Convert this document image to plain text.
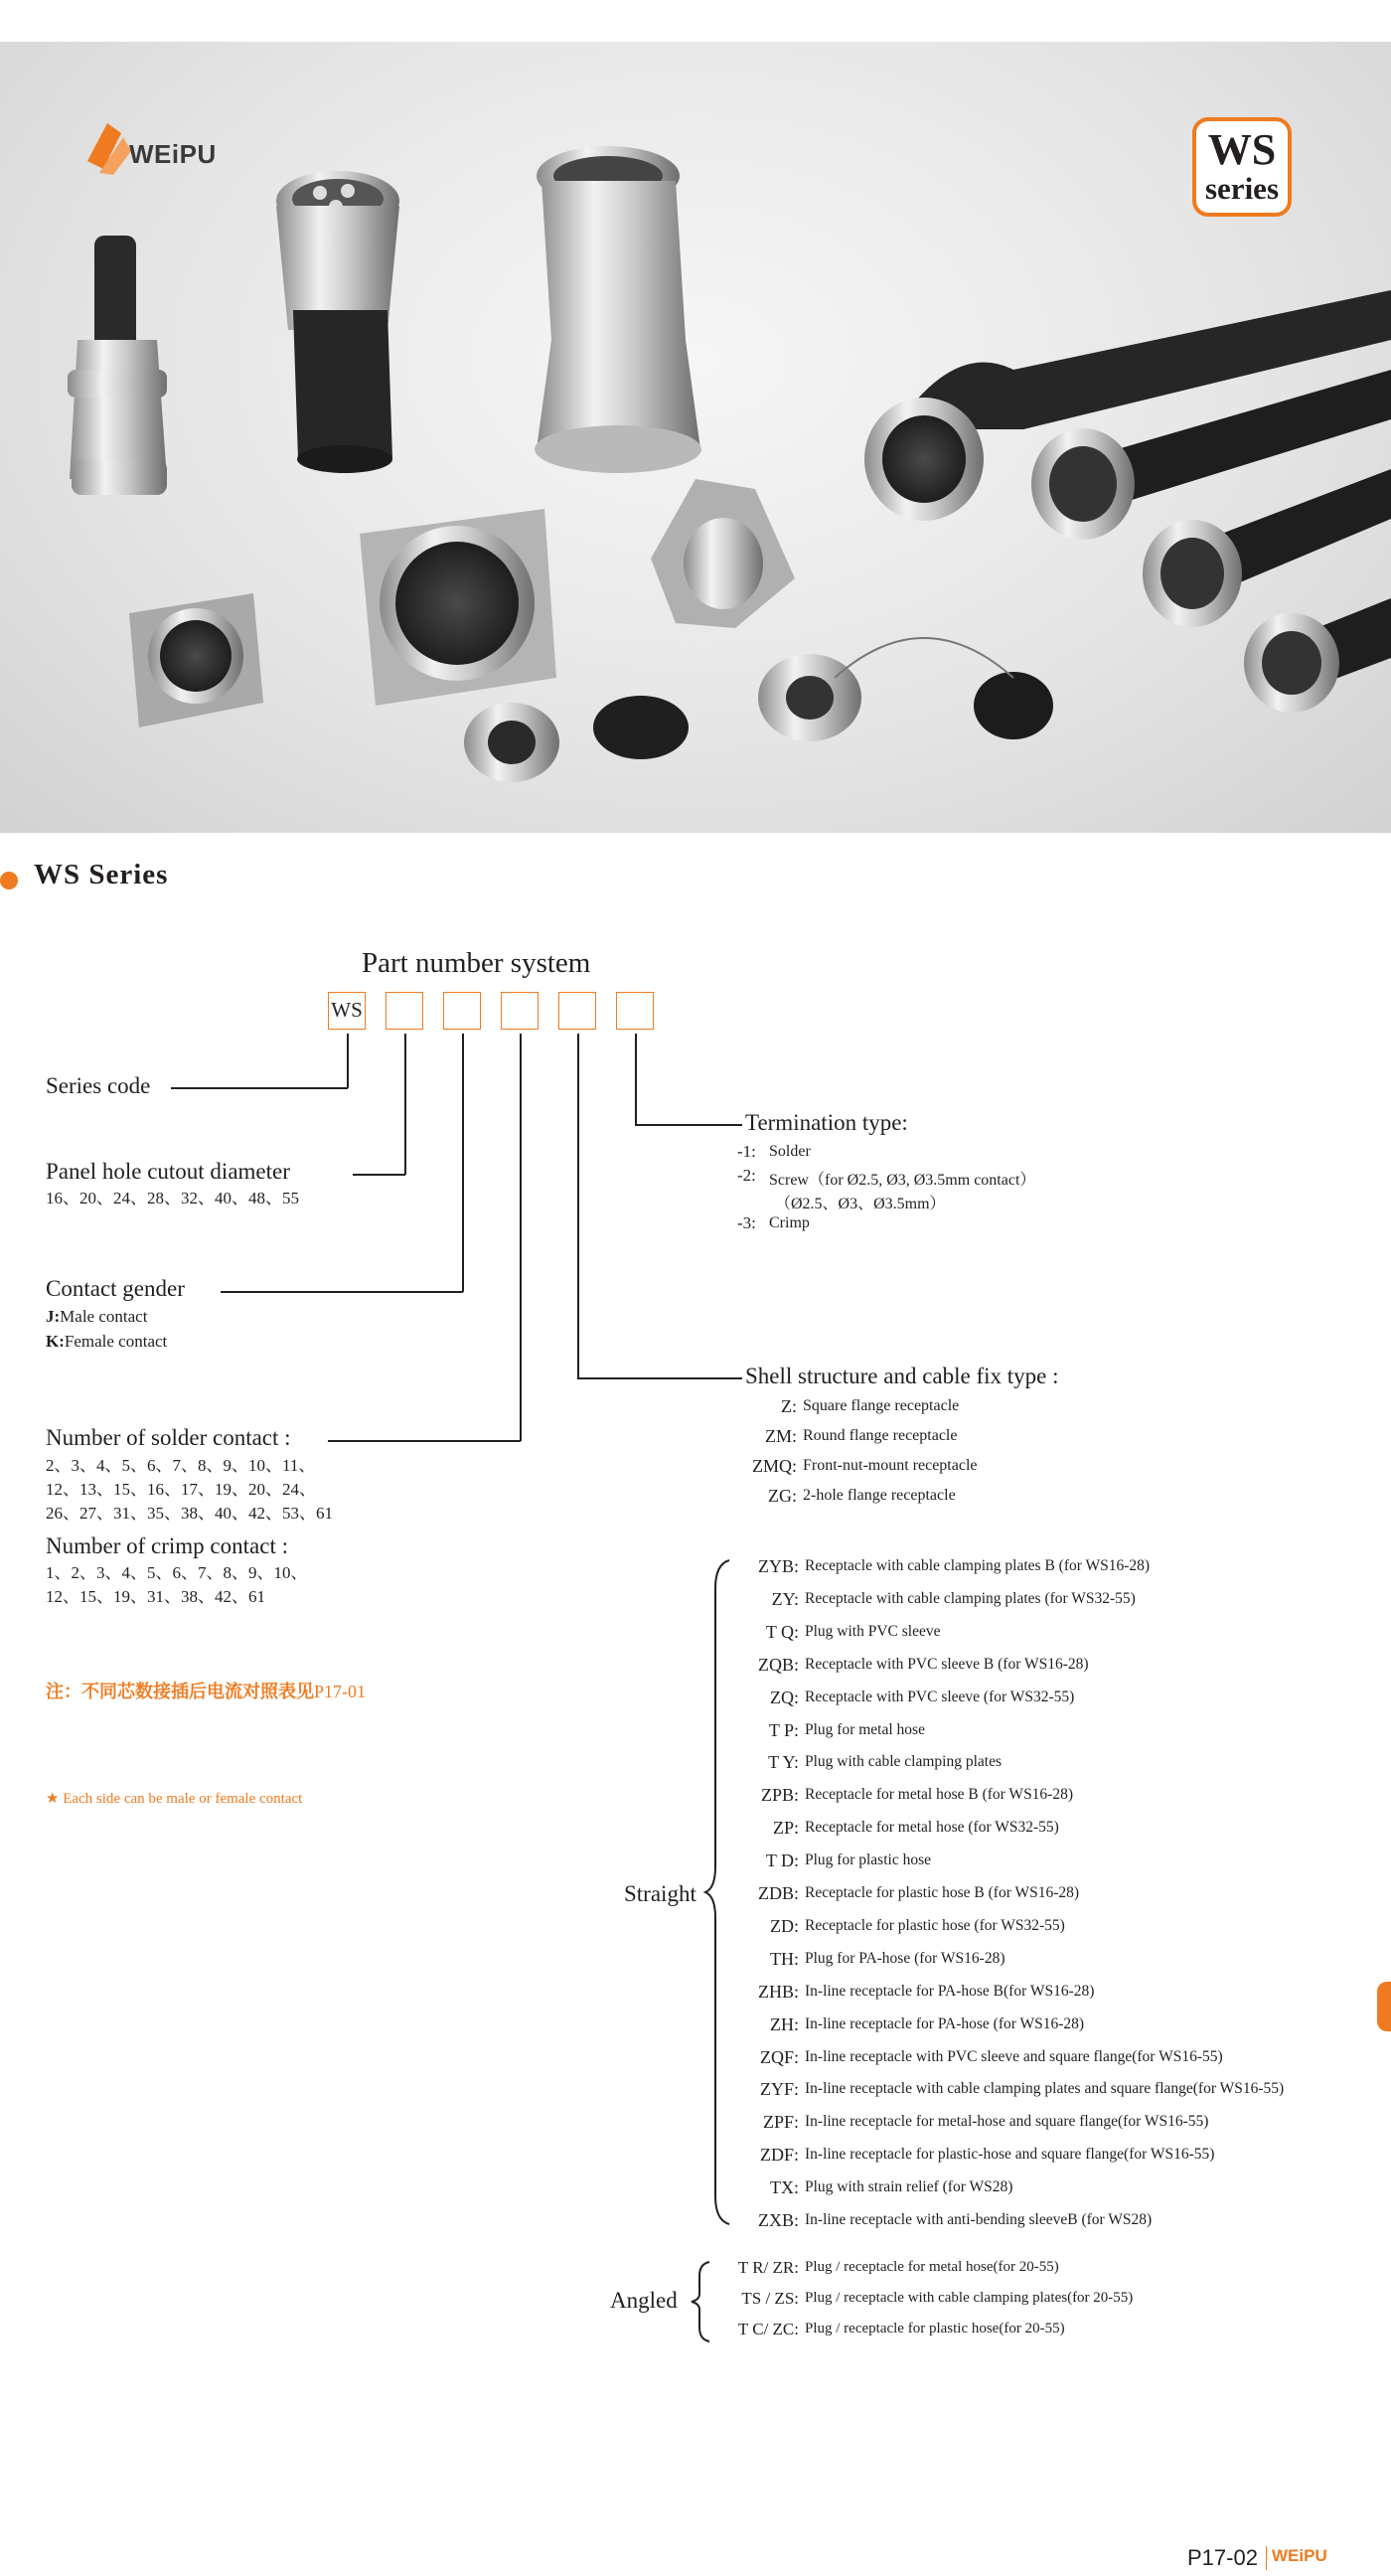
WEiPU	WS
series
WS Series
Part number system
WS
Series code
Panel hole cutout diameter
16、20、24、28、32、40、48、55
Contact gender
J:Male contact
K:Female contact
Number of solder contact :
2、3、4、5、6、7、8、9、10、11、
12、13、15、16、17、19、20、24、
26、27、31、35、38、40、42、53、61
Number of crimp contact :
1、2、3、4、5、6、7、8、9、10、
12、15、19、31、38、42、61
注：不同芯数接插后电流对照表见P17-01
★ Each side can be male or female contact
Termination type:
-1: Solder
-2: Screw（for Ø2.5, Ø3, Ø3.5mm contact）
（Ø2.5、Ø3、Ø3.5mm）
-3: Crimp
Shell structure and cable fix type :
Z: Square flange receptacle
ZM: Round flange receptacle
ZMQ: Front-nut-mount receptacle
ZG: 2-hole flange receptacle
Straight
ZYB: Receptacle with cable clamping plates B (for WS16-28)
ZY: Receptacle with cable clamping plates (for WS32-55)
T Q: Plug with PVC sleeve
ZQB: Receptacle with PVC sleeve B (for WS16-28)
ZQ: Receptacle with PVC sleeve (for WS32-55)
T P: Plug for metal hose
T Y: Plug with cable clamping plates
ZPB: Receptacle for metal hose B (for WS16-28)
ZP: Receptacle for metal hose (for WS32-55)
T D: Plug for plastic hose
ZDB: Receptacle for plastic hose B (for WS16-28)
ZD: Receptacle for plastic hose (for WS32-55)
TH: Plug for PA-hose (for WS16-28)
ZHB: In-line receptacle for PA-hose B(for WS16-28)
ZH: In-line receptacle for PA-hose (for WS16-28)
ZQF: In-line receptacle with PVC sleeve and square flange(for WS16-55)
ZYF: In-line receptacle with cable clamping plates and square flange(for WS16-55)
ZPF: In-line receptacle for metal-hose and square flange(for WS16-55)
ZDF: In-line receptacle for plastic-hose and square flange(for WS16-55)
TX: Plug with strain relief (for WS28)
ZXB: In-line receptacle with anti-bending sleeveB (for WS28)
Angled
T R/ ZR: Plug / receptacle for metal hose(for 20-55)
TS / ZS: Plug / receptacle with cable clamping plates(for 20-55)
T C/ ZC: Plug / receptacle for plastic hose(for 20-55)
P17-02 WEiPU
